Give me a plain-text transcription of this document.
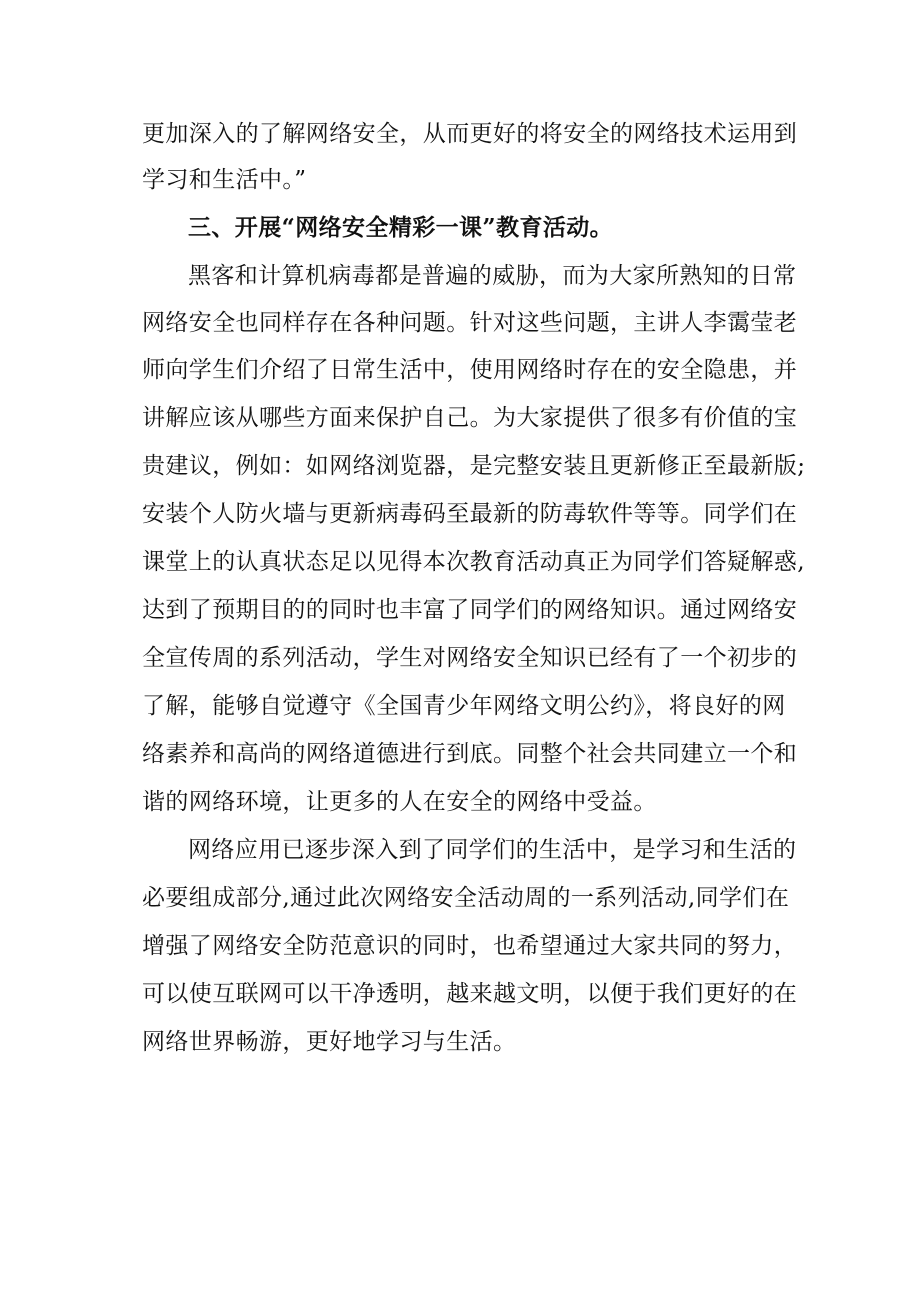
更加深入的了解网络安全，从而更好的将安全的网络技术运用到
学习和生活中。”
三、开展“网络安全精彩一课”教育活动。
黑客和计算机病毒都是普遍的威胁，而为大家所熟知的日常
网络安全也同样存在各种问题。针对这些问题，主讲人李霭莹老
师向学生们介绍了日常生活中，使用网络时存在的安全隐患，并
讲解应该从哪些方面来保护自己。为大家提供了很多有价值的宝
贵建议，例如：如网络浏览器，是完整安装且更新修正至最新版;
安装个人防火墙与更新病毒码至最新的防毒软件等等。同学们在
课堂上的认真状态足以见得本次教育活动真正为同学们答疑解惑,
达到了预期目的的同时也丰富了同学们的网络知识。通过网络安
全宣传周的系列活动，学生对网络安全知识已经有了一个初步的
了解，能够自觉遵守《全国青少年网络文明公约》，将良好的网
络素养和高尚的网络道德进行到底。同整个社会共同建立一个和
谐的网络环境，让更多的人在安全的网络中受益。
网络应用已逐步深入到了同学们的生活中，是学习和生活的
必要组成部分,通过此次网络安全活动周的一系列活动,同学们在
增强了网络安全防范意识的同时，也希望通过大家共同的努力，
可以使互联网可以干净透明，越来越文明，以便于我们更好的在
网络世界畅游，更好地学习与生活。
